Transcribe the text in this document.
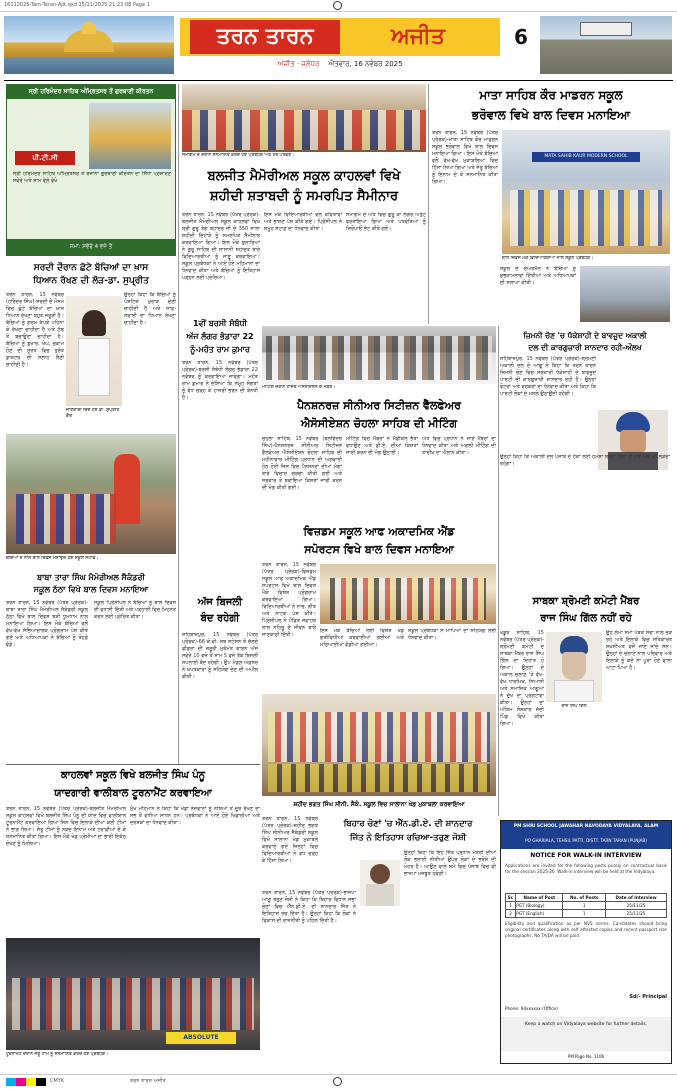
16112025-Tarn-Taran-Ajit.qxd 15/11/2025 21:23:08 Page 1
ਤਰਨ ਤਾਰਨ	ਅਜੀਤ
ਅਜੀਤ · ਜਲੰਧਰ ਐਤਵਾਰ, 16 ਨਵੰਬਰ 2025
6
ਸ੍ਰੀ ਹਰਿਮੰਦਰ ਸਾਹਿਬ ਅੰਮ੍ਰਿਤਸਰ ਤੋਂ ਗੁਰਬਾਣੀ ਕੀਰਤਨ
ਪੀ.ਟੀ.ਸੀ
ਸ੍ਰੀ ਹਰਿਮੰਦਰ ਸਾਹਿਬ ਅੰਮ੍ਰਿਤਸਰ ਤੋਂ ਰੋਜ਼ਾਨਾ ਗੁਰਬਾਣੀ ਕੀਰਤਨ ਦਾ ਸਿੱਧਾ ਪ੍ਰਸਾਰਣ ਸਵੇਰੇ ਅਤੇ ਸ਼ਾਮ ਵੇਲੇ ਵੇਖੋ
ਸਮਾਂ: ਸਵੇਰੇ 4 ਵਜੇ ਤੋਂ
ਸਰਦੀ ਦੌਰਾਨ ਛੋਟੇ ਬੱਚਿਆਂ ਦਾ ਖ਼ਾਸ
ਧਿਆਨ ਰੱਖਣ ਦੀ ਲੋੜ-ਡਾ. ਸੁਪ੍ਰੀਤ
ਤਰਨ ਤਾਰਨ, 15 ਨਵੰਬਰ (ਹਰਿੰਦਰ ਸਿੰਘ)-ਸਰਦੀ ਦੇ ਮੌਸਮ ਵਿਚ ਛੋਟੇ ਬੱਚਿਆਂ ਦਾ ਖ਼ਾਸ ਧਿਆਨ ਰੱਖਣਾ ਬਹੁਤ ਜ਼ਰੂਰੀ ਹੈ। ਬੱਚਿਆਂ ਨੂੰ ਗਰਮ ਕੱਪੜੇ ਪਹਿਨਾ ਕੇ ਰੱਖਣਾ ਚਾਹੀਦਾ ਹੈ ਅਤੇ ਠੰਢ ਤੋਂ ਬਚਾਉਣਾ ਚਾਹੀਦਾ ਹੈ। ਬੱਚਿਆਂ ਨੂੰ ਬੁਖਾਰ, ਖੰਘ, ਜ਼ੁਕਾਮ ਹੋਣ ਦੀ ਸੂਰਤ ਵਿਚ ਤੁਰੰਤ ਡਾਕਟਰ ਦੀ ਸਲਾਹ ਲੈਣੀ ਚਾਹੀਦੀ ਹੈ।
ਜਾਣਕਾਰੀ ਦਿੰਦੇ ਹੋਏ ਡਾ. ਸੁਪ੍ਰੀਤ ਕੌਰ
ਉਨ੍ਹਾਂ ਕਿਹਾ ਕਿ ਬੱਚਿਆਂ ਨੂੰ ਪੌਸ਼ਟਿਕ ਖੁਰਾਕ ਦੇਣੀ ਚਾਹੀਦੀ ਹੈ ਅਤੇ ਸਾਫ਼-ਸਫ਼ਾਈ ਦਾ ਧਿਆਨ ਰੱਖਣਾ ਚਾਹੀਦਾ ਹੈ।
ਬੱਚਿਆਂ ਦੇ ਨਾਲ ਬਾਲ ਦਿਵਸ ਮਨਾਉਂਦੇ ਹੋਏ ਸਕੂਲ ਸਟਾਫ਼।
ਬਾਬਾ ਤਾਰਾ ਸਿੰਘ ਮੈਮੋਰੀਅਲ ਸੈਕੰਡਰੀ
ਸਕੂਲ ਠੱਠਾ ਵਿਖੇ ਬਾਲ ਦਿਵਸ ਮਨਾਇਆ
ਤਰਨ ਤਾਰਨ, 15 ਨਵੰਬਰ (ਪੱਤਰ ਪ੍ਰੇਰਕ)-ਬਾਬਾ ਤਾਰਾ ਸਿੰਘ ਮੈਮੋਰੀਅਲ ਸੈਕੰਡਰੀ ਸਕੂਲ ਠੱਠਾ ਵਿਖੇ ਬਾਲ ਦਿਵਸ ਬੜੀ ਧੂਮਧਾਮ ਨਾਲ ਮਨਾਇਆ ਗਿਆ। ਇਸ ਮੌਕੇ ਬੱਚਿਆਂ ਵਲੋਂ ਵੱਖ-ਵੱਖ ਸੱਭਿਆਚਾਰਕ ਪ੍ਰੋਗਰਾਮ ਪੇਸ਼ ਕੀਤੇ ਗਏ ਅਤੇ ਅਧਿਆਪਕਾਂ ਨੇ ਬੱਚਿਆਂ ਨੂੰ ਤੋਹਫ਼ੇ ਵੰਡੇ।
ਸਕੂਲ ਪ੍ਰਿੰਸੀਪਲ ਨੇ ਬੱਚਿਆਂ ਨੂੰ ਬਾਲ ਦਿਵਸ ਦੀ ਵਧਾਈ ਦਿੱਤੀ ਅਤੇ ਪੜ੍ਹਾਈ ਵਿਚ ਮਿਹਨਤ ਕਰਨ ਲਈ ਪ੍ਰੇਰਿਤ ਕੀਤਾ।
ਸਮਾਗਮ ਦੇ ਦੌਰਾਨ ਸਨਮਾਨਿਤ ਕਰਦੇ ਹੋਏ ਪ੍ਰਬੰਧਕ ਅਤੇ ਹੋਰ ਪਤਵੰਤੇ।
ਬਲਜੀਤ ਮੈਮੋਰੀਅਲ ਸਕੂਲ ਕਾਹਲਵਾਂ ਵਿਖੇ
ਸ਼ਹੀਦੀ ਸ਼ਤਾਬਦੀ ਨੂੰ ਸਮਰਪਿਤ ਸੈਮੀਨਾਰ
ਤਰਨ ਤਾਰਨ, 15 ਨਵੰਬਰ (ਪੱਤਰ ਪ੍ਰੇਰਕ)-ਬਲਜੀਤ ਮੈਮੋਰੀਅਲ ਸਕੂਲ ਕਾਹਲਵਾਂ ਵਿਖੇ ਸ੍ਰੀ ਗੁਰੂ ਤੇਗ ਬਹਾਦਰ ਜੀ ਦੇ 350 ਸਾਲਾ ਸ਼ਹੀਦੀ ਦਿਹਾੜੇ ਨੂੰ ਸਮਰਪਿਤ ਸੈਮੀਨਾਰ ਕਰਵਾਇਆ ਗਿਆ। ਇਸ ਮੌਕੇ ਬੁਲਾਰਿਆਂ ਨੇ ਗੁਰੂ ਸਾਹਿਬ ਦੀ ਲਾਸਾਨੀ ਸ਼ਹਾਦਤ ਬਾਰੇ ਵਿਦਿਆਰਥੀਆਂ ਨੂੰ ਜਾਣੂ ਕਰਵਾਇਆ। ਸਕੂਲ ਪ੍ਰਬੰਧਕਾਂ ਨੇ ਆਏ ਹੋਏ ਮਹਿਮਾਨਾਂ ਦਾ ਧੰਨਵਾਦ ਕੀਤਾ ਅਤੇ ਬੱਚਿਆਂ ਨੂੰ ਇਤਿਹਾਸ ਪੜ੍ਹਨ ਲਈ ਪ੍ਰੇਰਿਆ।
ਇਸ ਮੌਕੇ ਵਿਦਿਆਰਥੀਆਂ ਵਲੋਂ ਕਵਿਤਾਵਾਂ ਅਤੇ ਭਾਸ਼ਣ ਪੇਸ਼ ਕੀਤੇ ਗਏ। ਪ੍ਰਿੰਸੀਪਲ ਨੇ ਸਮੂਹ ਸਟਾਫ਼ ਦਾ ਧੰਨਵਾਦ ਕੀਤਾ।
ਸਮਾਗਮ ਦੇ ਅੰਤ ਵਿਚ ਗੁਰੂ ਕਾ ਲੰਗਰ ਅਤੁੱਟ ਵਰਤਾਇਆ ਗਿਆ ਅਤੇ ਪਤਵੰਤਿਆਂ ਨੂੰ ਸਿਰੋਪਾਓ ਭੇਟ ਕੀਤੇ ਗਏ।
ਮਾਤਾ ਸਾਹਿਬ ਕੌਰ ਮਾਡਰਨ ਸਕੂਲ
ਭਰੋਵਾਲ ਵਿਖੇ ਬਾਲ ਦਿਵਸ ਮਨਾਇਆ
ਤਰਨ ਤਾਰਨ, 15 ਨਵੰਬਰ (ਪੱਤਰ ਪ੍ਰੇਰਕ)-ਮਾਤਾ ਸਾਹਿਬ ਕੌਰ ਮਾਡਰਨ ਸਕੂਲ ਭਰੋਵਾਲ ਵਿਖੇ ਬਾਲ ਦਿਵਸ ਮਨਾਇਆ ਗਿਆ। ਇਸ ਮੌਕੇ ਬੱਚਿਆਂ ਵਲੋਂ ਵੱਖ-ਵੱਖ ਮੁਕਾਬਲਿਆਂ ਵਿਚ ਹਿੱਸਾ ਲਿਆ ਗਿਆ ਅਤੇ ਜੇਤੂ ਬੱਚਿਆਂ ਨੂੰ ਇਨਾਮ ਦੇ ਕੇ ਸਨਮਾਨਿਤ ਕੀਤਾ ਗਿਆ।
MATA SAHIB KAUR MODERN SCHOOL
ਬਾਲ ਦਿਵਸ ਮੌਕੇ ਵਿਦਿਆਰਥੀਆਂ ਨਾਲ ਸਕੂਲ ਪ੍ਰਬੰਧਕ।
ਸਕੂਲ ਦੇ ਚੇਅਰਮੈਨ ਨੇ ਬੱਚਿਆਂ ਨੂੰ ਸ਼ੁਭਕਾਮਨਾਵਾਂ ਦਿੱਤੀਆਂ ਅਤੇ ਅਧਿਆਪਕਾਂ ਦੀ ਸ਼ਲਾਘਾ ਕੀਤੀ।
1ਵੀਂ ਬਰਸੀ ਸੰਬੰਧੀ
ਅੱਜ ਲੰਗਰ ਭੰਡਾਰਾ 22
ਨੂੰ-ਮਹੰਤ ਰਾਮ ਕੁਮਾਰ
ਤਰਨ ਤਾਰਨ, 15 ਨਵੰਬਰ (ਪੱਤਰ ਪ੍ਰੇਰਕ)-ਬਰਸੀ ਸੰਬੰਧੀ ਲੰਗਰ ਭੰਡਾਰਾ 22 ਨਵੰਬਰ ਨੂੰ ਕਰਵਾਇਆ ਜਾਵੇਗਾ। ਮਹੰਤ ਰਾਮ ਕੁਮਾਰ ਨੇ ਦੱਸਿਆ ਕਿ ਸਮੂਹ ਸੰਗਤਾਂ ਨੂੰ ਵੱਧ ਚੜ੍ਹ ਕੇ ਹਾਜ਼ਰੀ ਭਰਨ ਦੀ ਬੇਨਤੀ ਹੈ।
ਮੀਟਿੰਗ ਦੌਰਾਨ ਹਾਜ਼ਰ ਐਸੋਸੀਏਸ਼ਨ ਦੇ ਮੈਂਬਰ।
ਜ਼ਿਮਨੀ ਚੋਣ 'ਚ ਧੱਕੇਸ਼ਾਹੀ ਦੇ ਬਾਵਜੂਦ ਅਕਾਲੀ
ਦਲ ਦੀ ਕਾਰਗੁਜ਼ਾਰੀ ਸ਼ਾਨਦਾਰ ਰਹੀ-ਔਲਖ
ਸ਼ਹਿਬਾਜ਼ਪੁਰ, 15 ਨਵੰਬਰ (ਪੱਤਰ ਪ੍ਰੇਰਕ)-ਸ਼੍ਰੋਮਣੀ ਅਕਾਲੀ ਦਲ ਦੇ ਆਗੂ ਨੇ ਕਿਹਾ ਕਿ ਤਰਨ ਤਾਰਨ ਜ਼ਿਮਨੀ ਚੋਣ ਵਿਚ ਸਰਕਾਰੀ ਧੱਕੇਸ਼ਾਹੀ ਦੇ ਬਾਵਜੂਦ ਪਾਰਟੀ ਦੀ ਕਾਰਗੁਜ਼ਾਰੀ ਸ਼ਾਨਦਾਰ ਰਹੀ ਹੈ। ਉਨ੍ਹਾਂ ਵੋਟਰਾਂ ਅਤੇ ਵਰਕਰਾਂ ਦਾ ਧੰਨਵਾਦ ਕੀਤਾ ਅਤੇ ਕਿਹਾ ਕਿ ਪਾਰਟੀ ਲੋਕਾਂ ਦੇ ਮਸਲੇ ਉਠਾਉਂਦੀ ਰਹੇਗੀ।
ਉਨ੍ਹਾਂ ਕਿਹਾ ਕਿ ਅਕਾਲੀ ਦਲ ਪੰਜਾਬ ਦੇ ਹੱਕਾਂ ਲਈ ਹਮੇਸ਼ਾ ਲੜਦਾ ਰਿਹਾ ਹੈ ਅਤੇ ਅੱਗੇ ਵੀ ਲੜਦਾ ਰਹੇਗਾ।
ਪੈਨਸ਼ਨਰਜ਼ ਸੀਨੀਅਰ ਸਿਟੀਜ਼ਨ ਵੈੱਲਫੇਅਰ
ਐਸੋਸੀਏਸ਼ਨ ਚੋਹਲਾ ਸਾਹਿਬ ਦੀ ਮੀਟਿੰਗ
ਚੋਹਲਾ ਸਾਹਿਬ, 15 ਨਵੰਬਰ (ਬਲਵਿੰਦਰ ਸਿੰਘ)-ਪੈਨਸ਼ਨਰਜ਼ ਸੀਨੀਅਰ ਸਿਟੀਜ਼ਨ ਵੈੱਲਫੇਅਰ ਐਸੋਸੀਏਸ਼ਨ ਚੋਹਲਾ ਸਾਹਿਬ ਦੀ ਮਹੀਨਾਵਾਰ ਮੀਟਿੰਗ ਪ੍ਰਧਾਨ ਦੀ ਅਗਵਾਈ ਹੇਠ ਹੋਈ ਜਿਸ ਵਿਚ ਪੈਨਸ਼ਨਰਾਂ ਦੀਆਂ ਮੰਗਾਂ ਬਾਰੇ ਵਿਚਾਰ ਚਰਚਾ ਕੀਤੀ ਗਈ ਅਤੇ ਸਰਕਾਰ ਤੋਂ ਬਕਾਇਆ ਕਿਸ਼ਤਾਂ ਜਾਰੀ ਕਰਨ ਦੀ ਮੰਗ ਕੀਤੀ ਗਈ।
ਮੀਟਿੰਗ ਵਿਚ ਮੈਂਬਰਾਂ ਨੇ ਮੈਡੀਕਲ ਭੱਤਾ ਵਧਾਉਣ ਅਤੇ ਡੀ.ਏ. ਦੀਆਂ ਕਿਸ਼ਤਾਂ ਜਾਰੀ ਕਰਨ ਦੀ ਮੰਗ ਉਠਾਈ।
ਅੰਤ ਵਿਚ ਪ੍ਰਧਾਨ ਨੇ ਸਾਰੇ ਮੈਂਬਰਾਂ ਦਾ ਧੰਨਵਾਦ ਕੀਤਾ ਅਤੇ ਅਗਲੀ ਮੀਟਿੰਗ ਦੀ ਤਾਰੀਖ਼ ਦਾ ਐਲਾਨ ਕੀਤਾ।
ਅੱਜ ਬਿਜਲੀ
ਬੰਦ ਰਹੇਗੀ
ਸ਼ਹਿਬਾਜ਼ਪੁਰ, 15 ਨਵੰਬਰ (ਪੱਤਰ ਪ੍ਰੇਰਕ)-66 ਕੇ.ਵੀ. ਸਬ ਸਟੇਸ਼ਨ ਤੋਂ ਚੱਲਦੇ ਫੀਡਰਾਂ ਦੀ ਜ਼ਰੂਰੀ ਮੁਰੰਮਤ ਕਾਰਨ ਅੱਜ ਸਵੇਰੇ 10 ਵਜੇ ਤੋਂ ਸ਼ਾਮ 5 ਵਜੇ ਤੱਕ ਬਿਜਲੀ ਸਪਲਾਈ ਬੰਦ ਰਹੇਗੀ। ਉਪ ਮੰਡਲ ਅਫ਼ਸਰ ਨੇ ਖ਼ਪਤਕਾਰਾਂ ਨੂੰ ਸਹਿਯੋਗ ਦੇਣ ਦੀ ਅਪੀਲ ਕੀਤੀ।
ਵਿਜ਼ਡਮ ਸਕੂਲ ਆਫ ਅਕਾਦਮਿਕ ਐਂਡ
ਸਪੋਰਟਸ ਵਿਖੇ ਬਾਲ ਦਿਵਸ ਮਨਾਇਆ
ਤਰਨ ਤਾਰਨ, 15 ਨਵੰਬਰ (ਪੱਤਰ ਪ੍ਰੇਰਕ)-ਵਿਜ਼ਡਮ ਸਕੂਲ ਆਫ ਅਕਾਦਮਿਕ ਐਂਡ ਸਪੋਰਟਸ ਵਿਖੇ ਬਾਲ ਦਿਵਸ ਮੌਕੇ ਵਿਸ਼ੇਸ਼ ਪ੍ਰੋਗਰਾਮ ਕਰਵਾਇਆ ਗਿਆ। ਵਿਦਿਆਰਥੀਆਂ ਨੇ ਨਾਚ, ਗੀਤ ਅਤੇ ਨਾਟਕ ਪੇਸ਼ ਕੀਤੇ। ਪ੍ਰਿੰਸੀਪਲ ਨੇ ਪੰਡਿਤ ਜਵਾਹਰ ਲਾਲ ਨਹਿਰੂ ਦੇ ਜੀਵਨ ਬਾਰੇ ਜਾਣਕਾਰੀ ਦਿੱਤੀ।
ਇਸ ਮੌਕੇ ਬੱਚਿਆਂ ਲਈ ਵਿਸ਼ੇਸ਼ ਖੇਡ ਗਤੀਵਿਧੀਆਂ ਕਰਵਾਈਆਂ ਗਈਆਂ ਅਤੇ ਮਠਿਆਈਆਂ ਵੰਡੀਆਂ ਗਈਆਂ।
ਸਕੂਲ ਪ੍ਰਬੰਧਕਾਂ ਨੇ ਮਾਪਿਆਂ ਦਾ ਸਹਿਯੋਗ ਲਈ ਧੰਨਵਾਦ ਕੀਤਾ।
ਸਾਬਕਾ ਸ਼੍ਰੋਮਣੀ ਕਮੇਟੀ ਮੈਂਬਰ
ਰਾਜ ਸਿੰਘ ਗਿੱਲ ਨਹੀਂ ਰਹੇ
ਖਡੂਰ ਸਾਹਿਬ, 15 ਨਵੰਬਰ (ਪੱਤਰ ਪ੍ਰੇਰਕ)-ਸ਼੍ਰੋਮਣੀ ਕਮੇਟੀ ਦੇ ਸਾਬਕਾ ਮੈਂਬਰ ਰਾਜ ਸਿੰਘ ਗਿੱਲ ਦਾ ਦਿਹਾਂਤ ਹੋ ਗਿਆ। ਉਨ੍ਹਾਂ ਦੇ ਅਕਾਲ ਚਲਾਣੇ 'ਤੇ ਵੱਖ-ਵੱਖ ਧਾਰਮਿਕ, ਸਿਆਸੀ ਅਤੇ ਸਮਾਜਿਕ ਆਗੂਆਂ ਨੇ ਦੁੱਖ ਦਾ ਪ੍ਰਗਟਾਵਾ ਕੀਤਾ। ਉਨ੍ਹਾਂ ਦਾ ਅੰਤਿਮ ਸੰਸਕਾਰ ਜੱਦੀ ਪਿੰਡ ਵਿਖੇ ਕੀਤਾ ਗਿਆ।
ਰਾਜ ਸਿੰਘ ਗਿੱਲ
ਉਹ ਲੰਮਾ ਸਮਾਂ ਪੰਥਕ ਸੇਵਾ ਨਾਲ ਜੁੜੇ ਰਹੇ ਅਤੇ ਇਲਾਕੇ ਵਿਚ ਸਤਿਕਾਰਤ ਸ਼ਖ਼ਸੀਅਤ ਵਜੋਂ ਜਾਣੇ ਜਾਂਦੇ ਸਨ। ਉਨ੍ਹਾਂ ਦੇ ਚਲਾਣੇ ਨਾਲ ਪਰਿਵਾਰ ਅਤੇ ਇਲਾਕੇ ਨੂੰ ਕਦੇ ਨਾ ਪੂਰਾ ਹੋਣ ਵਾਲਾ ਘਾਟਾ ਪਿਆ ਹੈ।
ਕਾਹਲਵਾਂ ਸਕੂਲ ਵਿਖੇ ਬਲਜੀਤ ਸਿੰਘ ਪੰਨੂ
ਯਾਦਗਾਰੀ ਵਾਲੀਬਾਲ ਟੂਰਨਾਮੈਂਟ ਕਰਵਾਇਆ
ਤਰਨ ਤਾਰਨ, 15 ਨਵੰਬਰ (ਪੱਤਰ ਪ੍ਰੇਰਕ)-ਬਲਜੀਤ ਮੈਮੋਰੀਅਲ ਸਕੂਲ ਕਾਹਲਵਾਂ ਵਿਖੇ ਬਲਜੀਤ ਸਿੰਘ ਪੰਨੂ ਦੀ ਯਾਦ ਵਿਚ ਵਾਲੀਬਾਲ ਟੂਰਨਾਮੈਂਟ ਕਰਵਾਇਆ ਗਿਆ ਜਿਸ ਵਿਚ ਇਲਾਕੇ ਦੀਆਂ ਕਈ ਟੀਮਾਂ ਨੇ ਭਾਗ ਲਿਆ। ਜੇਤੂ ਟੀਮਾਂ ਨੂੰ ਨਕਦ ਇਨਾਮ ਅਤੇ ਟਰਾਫ਼ੀਆਂ ਦੇ ਕੇ ਸਨਮਾਨਿਤ ਕੀਤਾ ਗਿਆ। ਇਸ ਮੌਕੇ ਖੇਡ ਪ੍ਰੇਮੀਆਂ ਦਾ ਭਾਰੀ ਇਕੱਠ ਦੇਖਣ ਨੂੰ ਮਿਲਿਆ।
ਮੁੱਖ ਮਹਿਮਾਨ ਨੇ ਕਿਹਾ ਕਿ ਖੇਡਾਂ ਨੌਜਵਾਨਾਂ ਨੂੰ ਨਸ਼ਿਆਂ ਤੋਂ ਦੂਰ ਰੱਖਣ ਦਾ ਸਭ ਤੋਂ ਵਧੀਆ ਸਾਧਨ ਹਨ। ਪ੍ਰਬੰਧਕਾਂ ਨੇ ਆਏ ਹੋਏ ਖਿਡਾਰੀਆਂ ਅਤੇ ਦਰਸ਼ਕਾਂ ਦਾ ਧੰਨਵਾਦ ਕੀਤਾ।
ABSOLUTE
ਟੂਰਨਾਮੈਂਟ ਦੌਰਾਨ ਜੇਤੂ ਟੀਮ ਨੂੰ ਸਨਮਾਨਿਤ ਕਰਦੇ ਹੋਏ ਪ੍ਰਬੰਧਕ।
ਸ਼ਹੀਦ ਭਗਤ ਸਿੰਘ ਸੀਨੀ. ਸੈਕੰ. ਸਕੂਲ ਵਿਚ ਸਾਲਾਨਾ ਖੇਡ ਮੁਕਾਬਲਾ ਕਰਵਾਇਆ
ਤਰਨ ਤਾਰਨ, 15 ਨਵੰਬਰ (ਪੱਤਰ ਪ੍ਰੇਰਕ)-ਸ਼ਹੀਦ ਭਗਤ ਸਿੰਘ ਸੀਨੀਅਰ ਸੈਕੰਡਰੀ ਸਕੂਲ ਵਿਖੇ ਸਾਲਾਨਾ ਖੇਡ ਮੁਕਾਬਲੇ ਕਰਵਾਏ ਗਏ ਜਿਨ੍ਹਾਂ ਵਿਚ ਵਿਦਿਆਰਥੀਆਂ ਨੇ ਵਧ ਚੜ੍ਹ ਕੇ ਹਿੱਸਾ ਲਿਆ।
ਬਿਹਾਰ ਚੋਣਾਂ 'ਚ ਐੱਨ.ਡੀ.ਏ. ਦੀ ਸ਼ਾਨਦਾਰ
ਜਿੱਤ ਨੇ ਇਤਿਹਾਸ ਰਚਿਆ-ਤਰੁਣ ਜੋਸ਼ੀ
ਤਰਨ ਤਾਰਨ, 15 ਨਵੰਬਰ (ਪੱਤਰ ਪ੍ਰੇਰਕ)-ਭਾਜਪਾ ਆਗੂ ਤਰੁਣ ਜੋਸ਼ੀ ਨੇ ਕਿਹਾ ਕਿ ਬਿਹਾਰ ਵਿਧਾਨ ਸਭਾ ਚੋਣਾਂ ਵਿਚ ਐੱਨ.ਡੀ.ਏ. ਦੀ ਸ਼ਾਨਦਾਰ ਜਿੱਤ ਨੇ ਇਤਿਹਾਸ ਰਚ ਦਿੱਤਾ ਹੈ। ਉਨ੍ਹਾਂ ਕਿਹਾ ਕਿ ਲੋਕਾਂ ਨੇ ਵਿਕਾਸ ਦੀ ਰਾਜਨੀਤੀ ਨੂੰ ਪਹਿਲ ਦਿੱਤੀ ਹੈ।
ਉਨ੍ਹਾਂ ਕਿਹਾ ਕਿ ਇਹ ਜਿੱਤ ਪ੍ਰਧਾਨ ਮੰਤਰੀ ਦੀਆਂ ਲੋਕ ਭਲਾਈ ਨੀਤੀਆਂ ਉਪਰ ਲੋਕਾਂ ਦੇ ਭਰੋਸੇ ਦੀ ਮੋਹਰ ਹੈ। ਆਉਣ ਵਾਲੇ ਸਮੇਂ ਵਿਚ ਪੰਜਾਬ ਵਿਚ ਵੀ ਭਾਜਪਾ ਮਜ਼ਬੂਤ ਹੋਵੇਗੀ।
PM SHRI SCHOOL JAWAHAR NAVODAYA VIDYALAYA, ALAM
PO GHARIALA, TEHSIL PATTI, DISTT. TARN TARAN (PUNJAB)
NOTICE FOR WALK-IN INTERVIEW
Applications are invited for the following posts purely on contractual basis for the session 2025-26. Walk-in interview will be held at the Vidyalaya.
Sr.	Name of Post	No. of Posts	Date of Interview
1	PGT (Biology)	1	25/11/25
2	PGT (English)	1	25/11/25
Eligibility and qualification as per NVS norms. Candidates should bring original certificates along with self attested copies and recent passport size photographs. No TA/DA will be paid.
Sd/- Principal
Phone: 94xxxxxx (Office)
Keep a watch on Vidyalaya website for further details.
PM Page No. 1106
CMYK	ਤਰਨ ਤਾਰਨ ਅਜੀਤ
